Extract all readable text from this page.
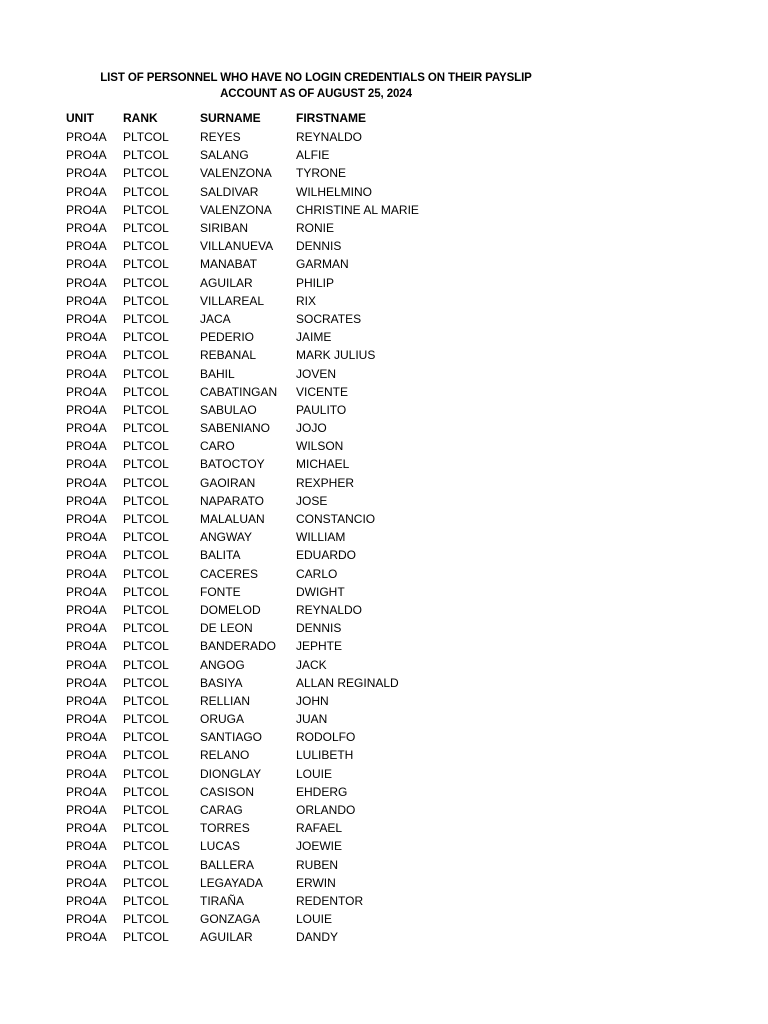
LIST OF PERSONNEL WHO HAVE NO LOGIN CREDENTIALS ON THEIR PAYSLIP
ACCOUNT AS OF AUGUST 25, 2024
UNIT	RANK	SURNAME	FIRSTNAME
PRO4A	PLTCOL	REYES	REYNALDO
PRO4A	PLTCOL	SALANG	ALFIE
PRO4A	PLTCOL	VALENZONA	TYRONE
PRO4A	PLTCOL	SALDIVAR	WILHELMINO
PRO4A	PLTCOL	VALENZONA	CHRISTINE AL MARIE
PRO4A	PLTCOL	SIRIBAN	RONIE
PRO4A	PLTCOL	VILLANUEVA	DENNIS
PRO4A	PLTCOL	MANABAT	GARMAN
PRO4A	PLTCOL	AGUILAR	PHILIP
PRO4A	PLTCOL	VILLAREAL	RIX
PRO4A	PLTCOL	JACA	SOCRATES
PRO4A	PLTCOL	PEDERIO	JAIME
PRO4A	PLTCOL	REBANAL	MARK JULIUS
PRO4A	PLTCOL	BAHIL	JOVEN
PRO4A	PLTCOL	CABATINGAN	VICENTE
PRO4A	PLTCOL	SABULAO	PAULITO
PRO4A	PLTCOL	SABENIANO	JOJO
PRO4A	PLTCOL	CARO	WILSON
PRO4A	PLTCOL	BATOCTOY	MICHAEL
PRO4A	PLTCOL	GAOIRAN	REXPHER
PRO4A	PLTCOL	NAPARATO	JOSE
PRO4A	PLTCOL	MALALUAN	CONSTANCIO
PRO4A	PLTCOL	ANGWAY	WILLIAM
PRO4A	PLTCOL	BALITA	EDUARDO
PRO4A	PLTCOL	CACERES	CARLO
PRO4A	PLTCOL	FONTE	DWIGHT
PRO4A	PLTCOL	DOMELOD	REYNALDO
PRO4A	PLTCOL	DE LEON	DENNIS
PRO4A	PLTCOL	BANDERADO	JEPHTE
PRO4A	PLTCOL	ANGOG	JACK
PRO4A	PLTCOL	BASIYA	ALLAN REGINALD
PRO4A	PLTCOL	RELLIAN	JOHN
PRO4A	PLTCOL	ORUGA	JUAN
PRO4A	PLTCOL	SANTIAGO	RODOLFO
PRO4A	PLTCOL	RELANO	LULIBETH
PRO4A	PLTCOL	DIONGLAY	LOUIE
PRO4A	PLTCOL	CASISON	EHDERG
PRO4A	PLTCOL	CARAG	ORLANDO
PRO4A	PLTCOL	TORRES	RAFAEL
PRO4A	PLTCOL	LUCAS	JOEWIE
PRO4A	PLTCOL	BALLERA	RUBEN
PRO4A	PLTCOL	LEGAYADA	ERWIN
PRO4A	PLTCOL	TIRAÑA	REDENTOR
PRO4A	PLTCOL	GONZAGA	LOUIE
PRO4A	PLTCOL	AGUILAR	DANDY
